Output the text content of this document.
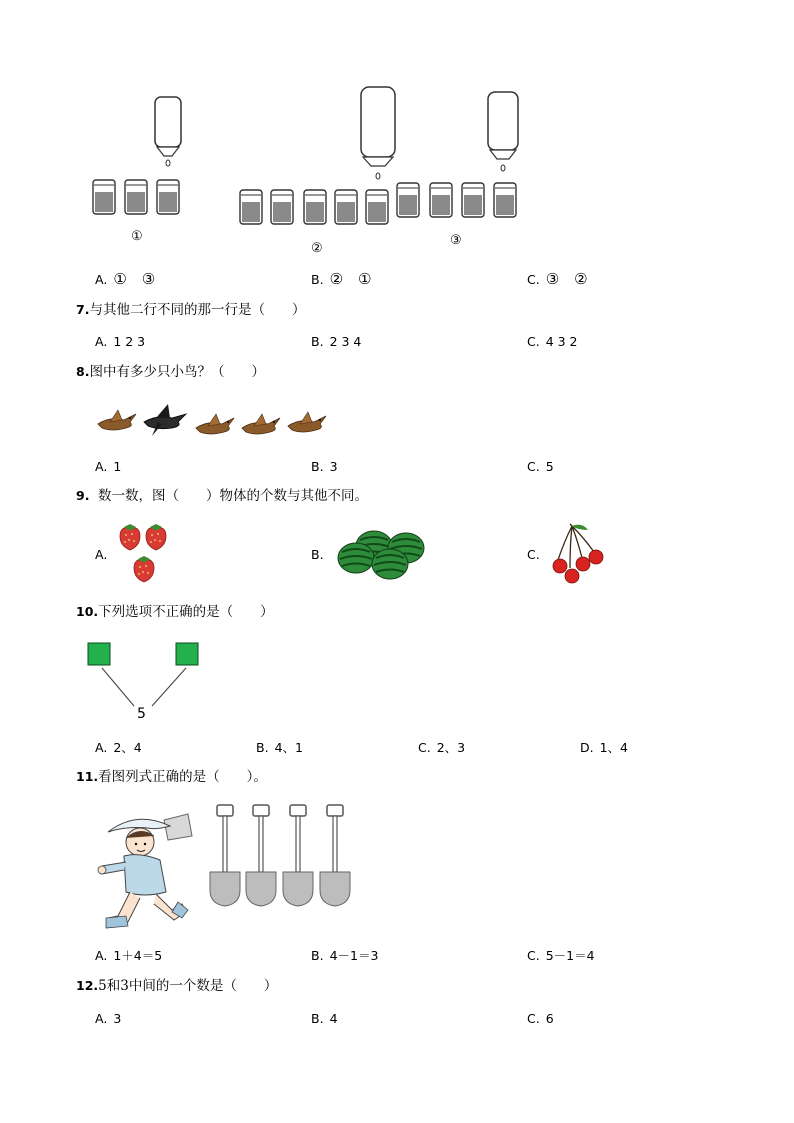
①
②
③
A. ①　③	B. ②　①	C. ③　②
7.与其他二行不同的那一行是（　　）
A. 1 2 3	B. 2 3 4	C. 4 3 2
8.图中有多少只小鸟？（　　）
A. 1	B. 3	C. 5
9. 数一数，图（　　）物体的个数与其他不同。
A.	B.	C.
10.下列选项不正确的是（　　）
5
A. 2、4	B. 4、1	C. 2、3	D. 1、4
11.看图列式正确的是（　　）。
A. 1＋4＝5	B. 4－1＝3	C. 5－1＝4
12.5和3中间的一个数是（　　）
A. 3	B. 4	C. 6
